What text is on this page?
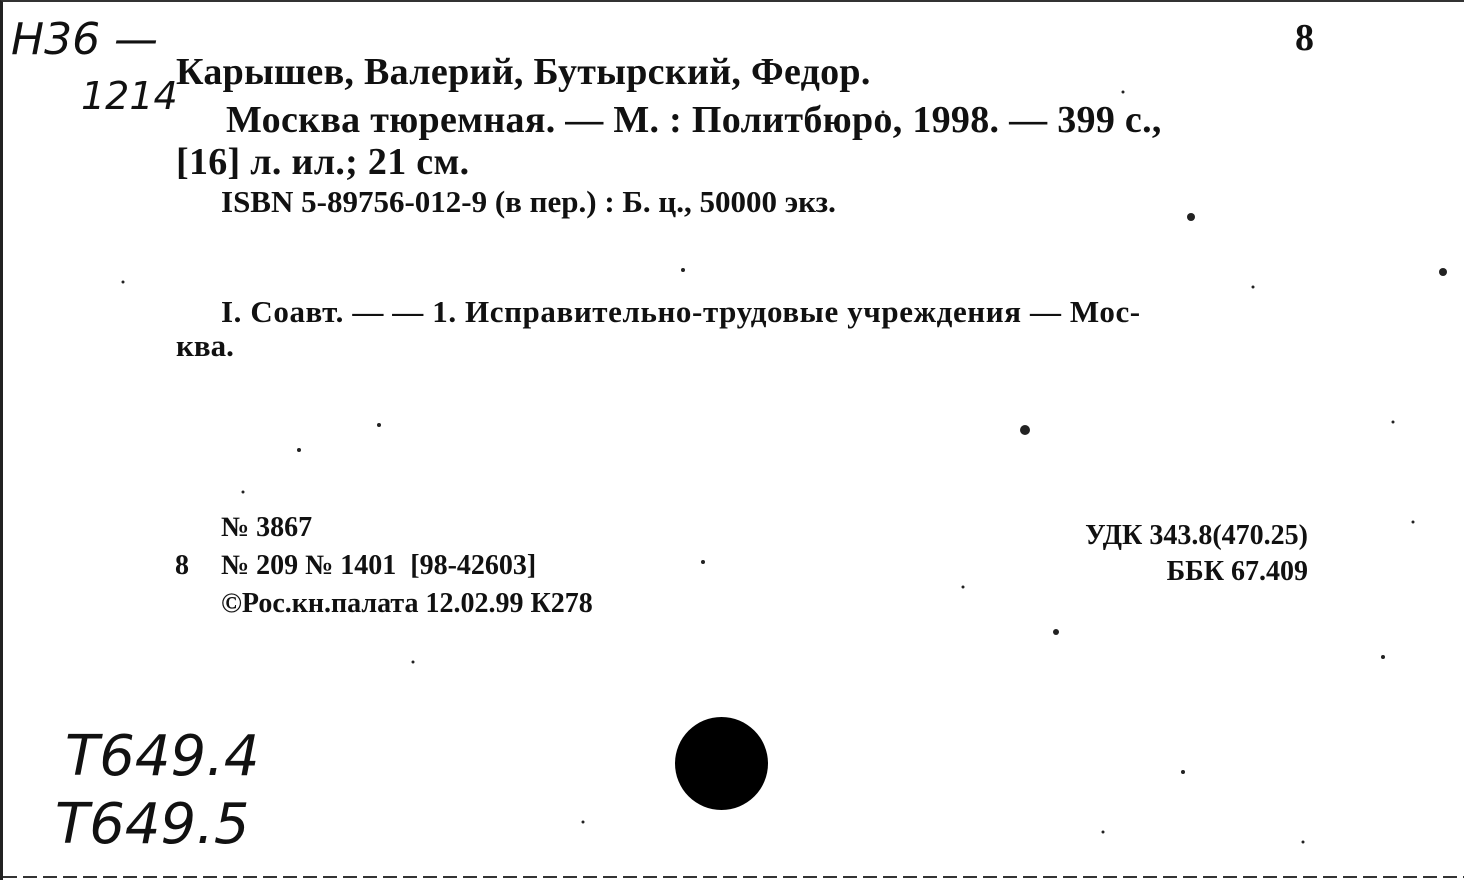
Н36 —
1214
Т649.4
Т649.5
8
Карышев, Валерий, Бутырский, Федор.
Москва тюремная. — М. : Политбюро, 1998. — 399 с.,
[16] л. ил.; 21 см.
ISBN 5-89756-012-9 (в пер.) : Б. ц., 50000 экз.
I. Соавт. — — 1. Исправительно-трудовые учреждения — Мос-
ква.
№ 3867
8 № 209 № 1401  [98-42603]
©Рос.кн.палата 12.02.99 К278
УДК 343.8(470.25)
ББК 67.409
